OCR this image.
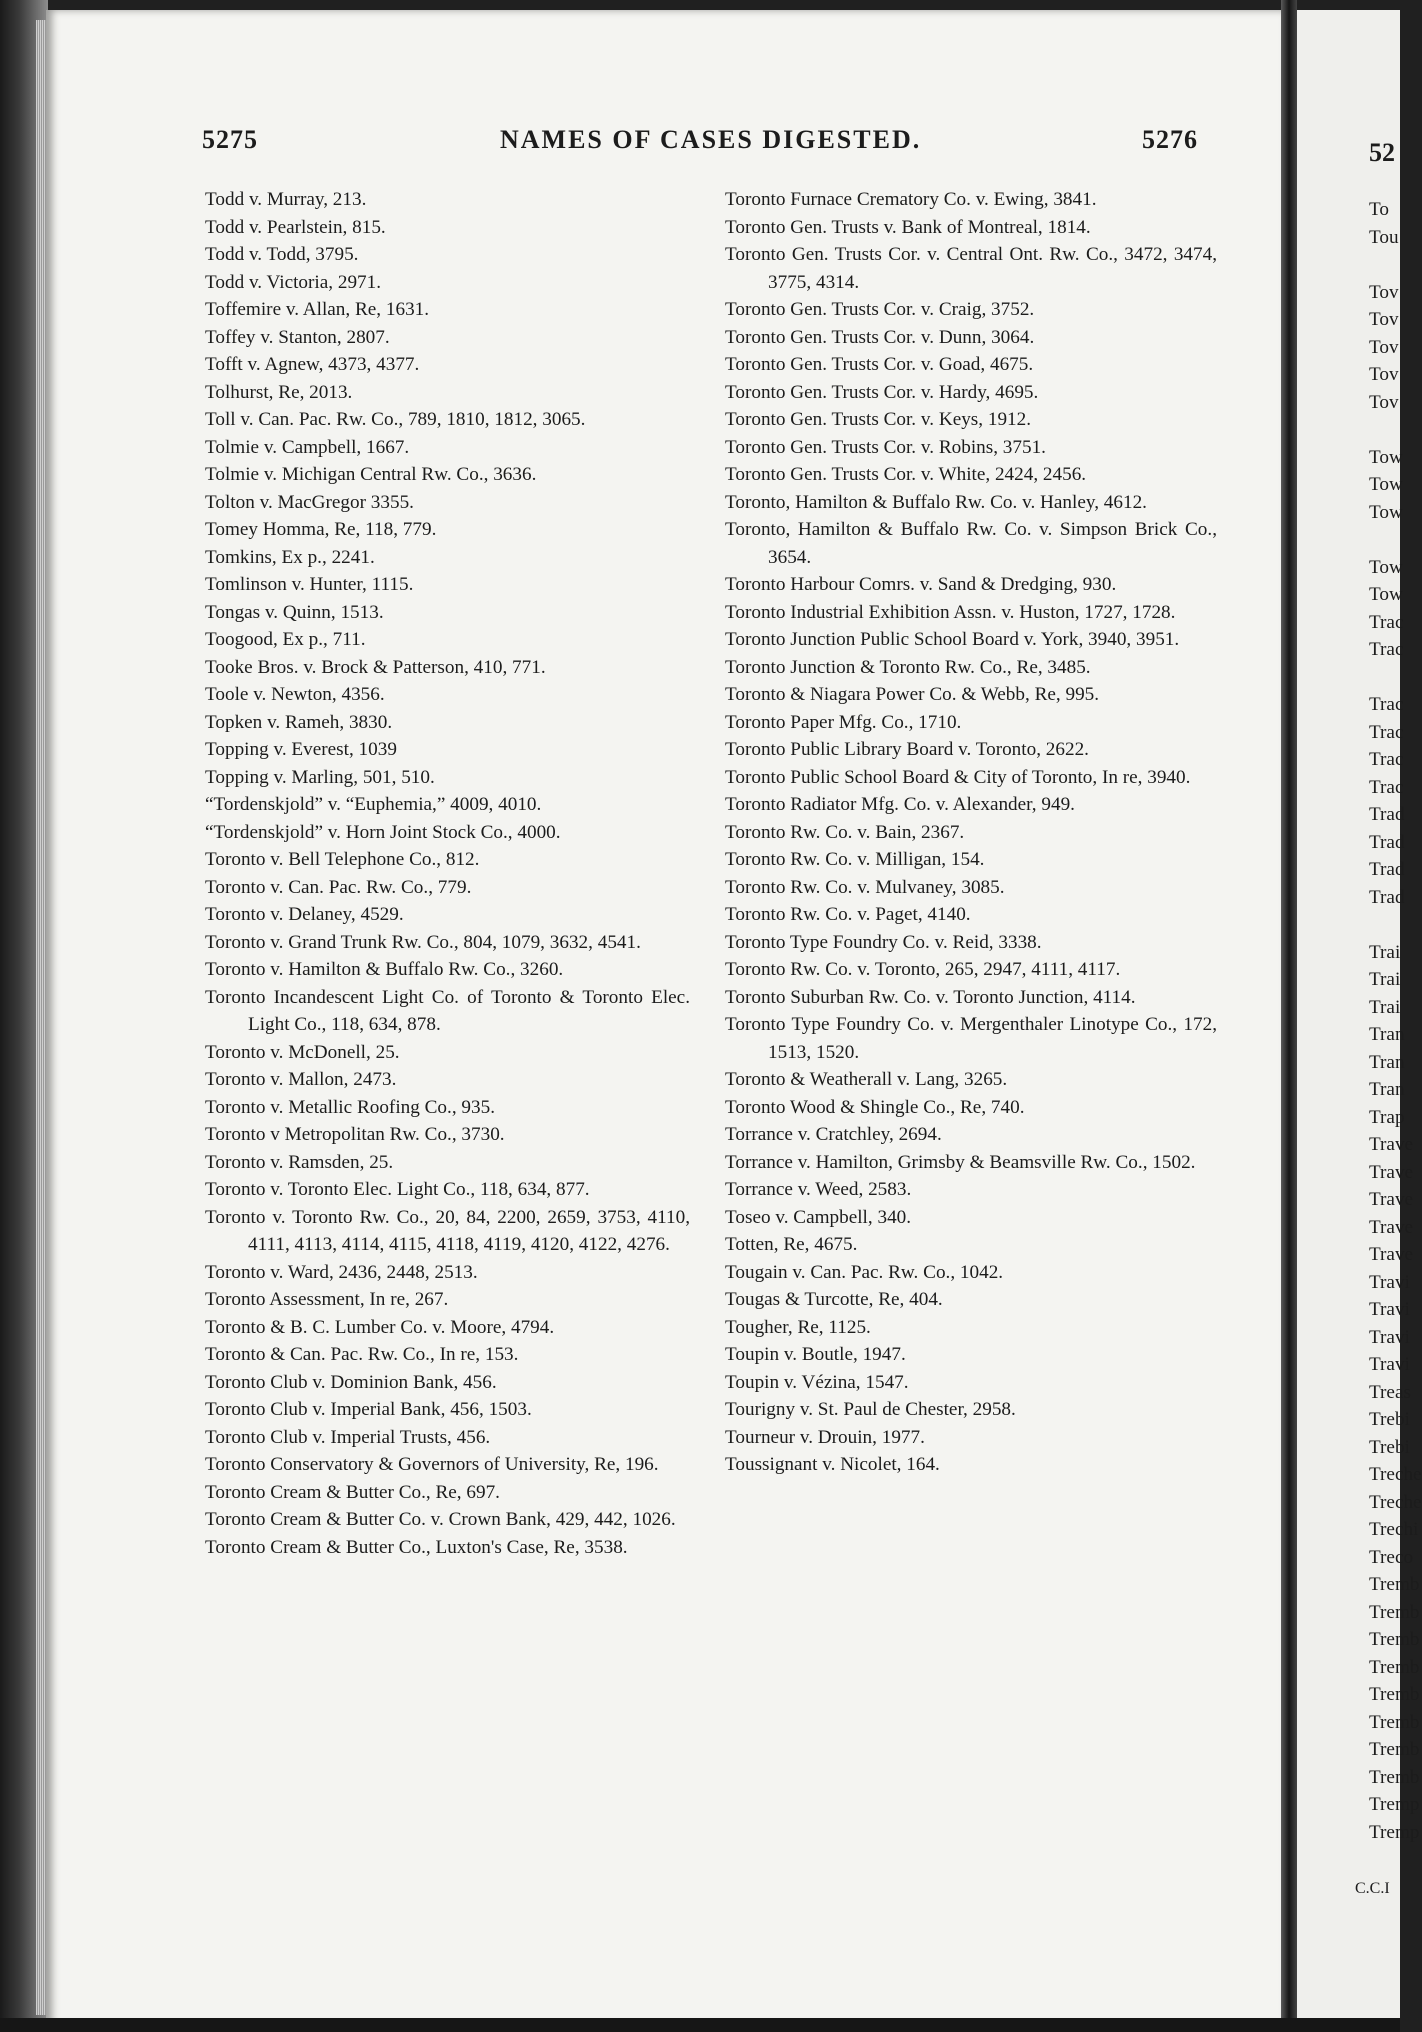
5275	NAMES OF CASES DIGESTED.	5276
Todd v. Murray, 213.
Todd v. Pearlstein, 815.
Todd v. Todd, 3795.
Todd v. Victoria, 2971.
Toffemire v. Allan, Re, 1631.
Toffey v. Stanton, 2807.
Tofft v. Agnew, 4373, 4377.
Tolhurst, Re, 2013.
Toll v. Can. Pac. Rw. Co., 789, 1810, 1812, 3065.
Tolmie v. Campbell, 1667.
Tolmie v. Michigan Central Rw. Co., 3636.
Tolton v. MacGregor 3355.
Tomey Homma, Re, 118, 779.
Tomkins, Ex p., 2241.
Tomlinson v. Hunter, 1115.
Tongas v. Quinn, 1513.
Toogood, Ex p., 711.
Tooke Bros. v. Brock & Patterson, 410, 771.
Toole v. Newton, 4356.
Topken v. Rameh, 3830.
Topping v. Everest, 1039
Topping v. Marling, 501, 510.
“Tordenskjold” v. “Euphemia,” 4009, 4010.
“Tordenskjold” v. Horn Joint Stock Co., 4000.
Toronto v. Bell Telephone Co., 812.
Toronto v. Can. Pac. Rw. Co., 779.
Toronto v. Delaney, 4529.
Toronto v. Grand Trunk Rw. Co., 804, 1079, 3632, 4541.
Toronto v. Hamilton & Buffalo Rw. Co., 3260.
Toronto Incandescent Light Co. of Toronto & Toronto Elec. Light Co., 118, 634, 878.
Toronto v. McDonell, 25.
Toronto v. Mallon, 2473.
Toronto v. Metallic Roofing Co., 935.
Toronto v Metropolitan Rw. Co., 3730.
Toronto v. Ramsden, 25.
Toronto v. Toronto Elec. Light Co., 118, 634, 877.
Toronto v. Toronto Rw. Co., 20, 84, 2200, 2659, 3753, 4110, 4111, 4113, 4114, 4115, 4118, 4119, 4120, 4122, 4276.
Toronto v. Ward, 2436, 2448, 2513.
Toronto Assessment, In re, 267.
Toronto & B. C. Lumber Co. v. Moore, 4794.
Toronto & Can. Pac. Rw. Co., In re, 153.
Toronto Club v. Dominion Bank, 456.
Toronto Club v. Imperial Bank, 456, 1503.
Toronto Club v. Imperial Trusts, 456.
Toronto Conservatory & Governors of University, Re, 196.
Toronto Cream & Butter Co., Re, 697.
Toronto Cream & Butter Co. v. Crown Bank, 429, 442, 1026.
Toronto Cream & Butter Co., Luxton's Case, Re, 3538.
Toronto Furnace Crematory Co. v. Ewing, 3841.
Toronto Gen. Trusts v. Bank of Montreal, 1814.
Toronto Gen. Trusts Cor. v. Central Ont. Rw. Co., 3472, 3474, 3775, 4314.
Toronto Gen. Trusts Cor. v. Craig, 3752.
Toronto Gen. Trusts Cor. v. Dunn, 3064.
Toronto Gen. Trusts Cor. v. Goad, 4675.
Toronto Gen. Trusts Cor. v. Hardy, 4695.
Toronto Gen. Trusts Cor. v. Keys, 1912.
Toronto Gen. Trusts Cor. v. Robins, 3751.
Toronto Gen. Trusts Cor. v. White, 2424, 2456.
Toronto, Hamilton & Buffalo Rw. Co. v. Hanley, 4612.
Toronto, Hamilton & Buffalo Rw. Co. v. Simpson Brick Co., 3654.
Toronto Harbour Comrs. v. Sand & Dredging, 930.
Toronto Industrial Exhibition Assn. v. Huston, 1727, 1728.
Toronto Junction Public School Board v. York, 3940, 3951.
Toronto Junction & Toronto Rw. Co., Re, 3485.
Toronto & Niagara Power Co. & Webb, Re, 995.
Toronto Paper Mfg. Co., 1710.
Toronto Public Library Board v. Toronto, 2622.
Toronto Public School Board & City of Toronto, In re, 3940.
Toronto Radiator Mfg. Co. v. Alexander, 949.
Toronto Rw. Co. v. Bain, 2367.
Toronto Rw. Co. v. Milligan, 154.
Toronto Rw. Co. v. Mulvaney, 3085.
Toronto Rw. Co. v. Paget, 4140.
Toronto Type Foundry Co. v. Reid, 3338.
Toronto Rw. Co. v. Toronto, 265, 2947, 4111, 4117.
Toronto Suburban Rw. Co. v. Toronto Junction, 4114.
Toronto Type Foundry Co. v. Mergenthaler Linotype Co., 172, 1513, 1520.
Toronto & Weatherall v. Lang, 3265.
Toronto Wood & Shingle Co., Re, 740.
Torrance v. Cratchley, 2694.
Torrance v. Hamilton, Grimsby & Beamsville Rw. Co., 1502.
Torrance v. Weed, 2583.
Toseo v. Campbell, 340.
Totten, Re, 4675.
Tougain v. Can. Pac. Rw. Co., 1042.
Tougas & Turcotte, Re, 404.
Tougher, Re, 1125.
Toupin v. Boutle, 1947.
Toupin v. Vézina, 1547.
Tourigny v. St. Paul de Chester, 2958.
Tourneur v. Drouin, 1977.
Toussignant v. Nicolet, 164.
52
To
Tou
Tov
Tov
Tov
Tov
Tov
Tow
Tow
Tow
Tow
Tow
Trac
Trac
Trac
Trac
Trac
Trac
Trad
Trad
Trad
Trad
Trai
Trai
Trai
Tran
Tran
Tran
Trap
Trave
Trave
Trave
Trave
Trave
Travi
Travi
Travi
Travi
Treas
Trebi
Trebi
Treche
Treche
Trechi
Treco
Tremb
Tremb
Tremb
Tremb
Tremb
Tremb
Tremb
Tremb
Tremp
Tremp
C.C.I
